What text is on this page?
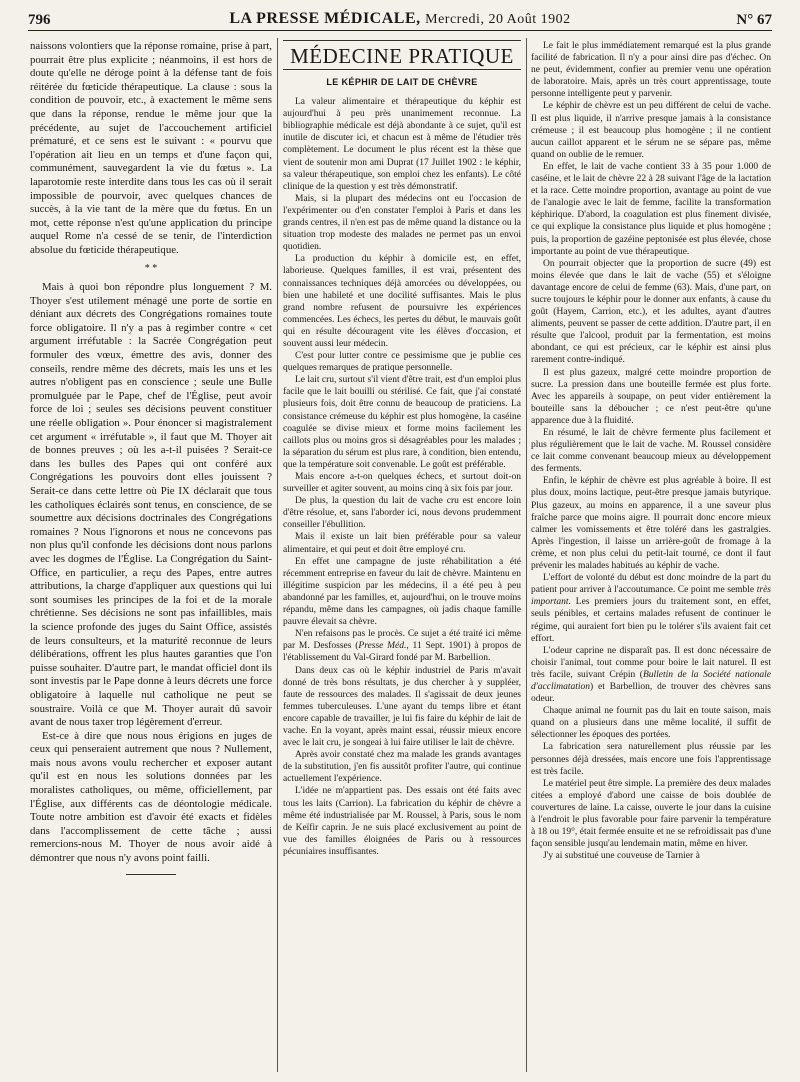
796	LA PRESSE MÉDICALE, Mercredi, 20 Août 1902	N° 67

naissons volontiers que la réponse romaine, prise à part, pourrait être plus explicite ; néanmoins, il est hors de doute qu'elle ne déroge point à la défense tant de fois réitérée du fœticide thérapeutique. La clause : sous la condition de pouvoir, etc., à exactement le même sens que dans la réponse, rendue le même jour que la précédente, au sujet de l'accouchement artificiel prématuré, et ce sens est le suivant : « pourvu que l'opération ait lieu en un temps et d'une façon qui, communément, sauvegardent la vie du fœtus ». La laparotomie reste interdite dans tous les cas où il serait impossible de pourvoir, avec quelques chances de succès, à la vie tant de la mère que du fœtus. En un mot, cette réponse n'est qu'une application du principe auquel Rome n'a cessé de se tenir, de l'interdiction absolue du fœticide thérapeutique.

* *

Mais à quoi bon répondre plus longuement ? M. Thoyer s'est utilement ménagé une porte de sortie en déniant aux décrets des Congrégations romaines toute force obligatoire. Il n'y a pas à regimber contre « cet argument irréfutable : la Sacrée Congrégation peut formuler des vœux, émettre des avis, donner des conseils, rendre même des décrets, mais les uns et les autres n'obligent pas en conscience ; seule une Bulle promulguée par le Pape, chef de l'Église, peut avoir force de loi ; seules ses décisions peuvent constituer une réelle obligation ». Pour énoncer si magistralement cet argument « irréfutable », il faut que M. Thoyer ait de bonnes preuves ; où les a-t-il puisées ? Serait-ce dans les bulles des Papes qui ont conféré aux Congrégations les pouvoirs dont elles jouissent ? Serait-ce dans cette lettre où Pie IX déclarait que tous les catholiques éclairés sont tenus, en conscience, de se soumettre aux décisions doctrinales des Congrégations romaines ? Nous l'ignorons et nous ne concevons pas non plus qu'il confonde les décisions dont nous parlons avec les dogmes de l'Église. La Congrégation du Saint-Office, en particulier, a reçu des Papes, entre autres attributions, la charge d'appliquer aux questions qui lui sont soumises les principes de la foi et de la morale chrétienne. Ses décisions ne sont pas infaillibles, mais la science profonde des juges du Saint Office, assistés de leurs consulteurs, et la maturité reconnue de leurs délibérations, offrent les plus hautes garanties que l'on puisse souhaiter. D'autre part, le mandat officiel dont ils sont investis par le Pape donne à leurs décrets une force obligatoire à laquelle nul catholique ne peut se soustraire. Voilà ce que M. Thoyer aurait dû savoir avant de nous taxer trop légèrement d'erreur.

Est-ce à dire que nous nous érigions en juges de ceux qui penseraient autrement que nous ? Nullement, mais nous avons voulu rechercher et exposer autant qu'il est en nous les solutions données par les moralistes catholiques, ou même, officiellement, par l'Église, aux différents cas de déontologie médicale. Toute notre ambition est d'avoir été exacts et fidèles dans l'accomplissement de cette tâche ; aussi remercions-nous M. Thoyer de nous avoir aidé à démontrer que nous n'y avons point failli.

MÉDECINE PRATIQUE
LE KÉPHIR DE LAIT DE CHÈVRE

La valeur alimentaire et thérapeutique du képhir est aujourd'hui à peu près unanimement reconnue. La bibliographie médicale est déjà abondante à ce sujet, qu'il est inutile de discuter ici, et chacun est à même de l'étudier très complètement. Le document le plus récent est la thèse que vient de soutenir mon ami Duprat (17 Juillet 1902 : le képhir, sa valeur thérapeutique, son emploi chez les enfants). Le côté clinique de la question y est très démonstratif.

Mais, si la plupart des médecins ont eu l'occasion de l'expérimenter ou d'en constater l'emploi à Paris et dans les grands centres, il n'en est pas de même quand la distance ou la situation trop modeste des malades ne permet pas un envoi quotidien.

La production du képhir à domicile est, en effet, laborieuse. Quelques familles, il est vrai, présentent des connaissances techniques déjà amorcées ou développées, ou bien une habileté et une docilité suffisantes. Mais le plus grand nombre refusent de poursuivre les expériences commencées. Les échecs, les pertes du début, le mauvais goût qui en résulte découragent vite les élèves d'occasion, et souvent aussi leur médecin.

C'est pour lutter contre ce pessimisme que je publie ces quelques remarques de pratique personnelle.

Le lait cru, surtout s'il vient d'être trait, est d'un emploi plus facile que le lait bouilli ou stérilisé. Ce fait, que j'ai constaté plusieurs fois, doit être connu de beaucoup de praticiens. La consistance crémeuse du képhir est plus homogène, la caséine coagulée se divise mieux et forme moins facilement les caillots plus ou moins gros si désagréables pour les malades ; la séparation du sérum est plus rare, à condition, bien entendu, que la température soit convenable. Le goût est préférable.

Mais encore a-t-on quelques échecs, et surtout doit-on surveiller et agiter souvent, au moins cinq à six fois par jour.

De plus, la question du lait de vache cru est encore loin d'être résolue, et, sans l'aborder ici, nous devons prudemment conseiller l'ébullition.

Mais il existe un lait bien préférable pour sa valeur alimentaire, et qui peut et doit être employé cru.

En effet une campagne de juste réhabilitation a été récemment entreprise en faveur du lait de chèvre. Maintenu en illégitime suspicion par les médecins, il a été peu à peu abandonné par les familles, et, aujourd'hui, on le trouve moins répandu, même dans les campagnes, où jadis chaque famille pauvre élevait sa chèvre.

N'en refaisons pas le procès. Ce sujet a été traité ici même par M. Desfosses (Presse Méd., 11 Sept. 1901) à propos de l'établissement du Val-Girard fondé par M. Barbellion.

Dans deux cas où le képhir industriel de Paris m'avait donné de très bons résultats, je dus chercher à y suppléer, faute de ressources des malades. Il s'agissait de deux jeunes femmes tuberculeuses. L'une ayant du temps libre et étant encore capable de travailler, je lui fis faire du képhir de lait de vache. En la voyant, après maint essai, réussir mieux encore avec le lait cru, je songeai à lui faire utiliser le lait de chèvre.

Après avoir constaté chez ma malade les grands avantages de la substitution, j'en fis aussitôt profiter l'autre, qui continue actuellement l'expérience.

L'idée ne m'appartient pas. Des essais ont été faits avec tous les laits (Carrion). La fabrication du képhir de chèvre a même été industrialisée par M. Roussel, à Paris, sous le nom de Keïfir caprin. Je ne suis placé exclusivement au point de vue des familles éloignées de Paris ou à ressources pécuniaires insuffisantes.

Le fait le plus immédiatement remarqué est la plus grande facilité de fabrication. Il n'y a pour ainsi dire pas d'échec. On ne peut, évidemment, confier au premier venu une opération de laboratoire. Mais, après un très court apprentissage, toute personne intelligente peut y parvenir.

Le képhir de chèvre est un peu différent de celui de vache. Il est plus liquide, il n'arrive presque jamais à la consistance crémeuse ; il est beaucoup plus homogène ; il ne contient aucun caillot apparent et le sérum ne se sépare pas, même quand on oublie de le remuer.

En effet, le lait de vache contient 33 à 35 pour 1.000 de caséine, et le lait de chèvre 22 à 28 suivant l'âge de la lactation et la race. Cette moindre proportion, avantage au point de vue de l'analogie avec le lait de femme, facilite la transformation képhirique. D'abord, la coagulation est plus finement divisée, ce qui explique la consistance plus liquide et plus homogène ; puis, la proportion de gazéine peptonisée est plus élevée, chose importante au point de vue thérapeutique.

On pourrait objecter que la proportion de sucre (49) est moins élevée que dans le lait de vache (55) et s'éloigne davantage encore de celui de femme (63). Mais, d'une part, on sucre toujours le képhir pour le donner aux enfants, à cause du goût (Hayem, Carrion, etc.), et les adultes, ayant d'autres aliments, peuvent se passer de cette addition. D'autre part, il en résulte que l'alcool, produit par la fermentation, est moins abondant, ce qui est précieux, car le képhir est ainsi plus rarement contre-indiqué.

Il est plus gazeux, malgré cette moindre proportion de sucre. La pression dans une bouteille fermée est plus forte. Avec les appareils à soupape, on peut vider entièrement la bouteille sans la déboucher ; ce n'est peut-être qu'une apparence due à la fluidité.

En résumé, le lait de chèvre fermente plus facilement et plus régulièrement que le lait de vache. M. Roussel considère ce lait comme convenant beaucoup mieux au développement des ferments.

Enfin, le képhir de chèvre est plus agréable à boire. Il est plus doux, moins lactique, peut-être presque jamais butyrique. Plus gazeux, au moins en apparence, il a une saveur plus fraîche parce que moins aigre. Il pourrait donc encore mieux calmer les vomissements et être toléré dans les gastralgies. Après l'ingestion, il laisse un arrière-goût de fromage à la crème, et non plus celui du petit-lait tourné, ce dont il faut prévenir les malades habitués au képhir de vache.

L'effort de volonté du début est donc moindre de la part du patient pour arriver à l'accoutumance. Ce point me semble très important. Les premiers jours du traitement sont, en effet, seuls pénibles, et certains malades refusent de continuer le régime, qui auraient fort bien pu le tolérer s'ils avaient fait cet effort.

L'odeur caprine ne disparaît pas. Il est donc nécessaire de choisir l'animal, tout comme pour boire le lait naturel. Il est très facile, suivant Crépin (Bulletin de la Société nationale d'acclimatation) et Barbellion, de trouver des chèvres sans odeur.

Chaque animal ne fournit pas du lait en toute saison, mais quand on a plusieurs dans une même localité, il suffit de sélectionner les époques des portées.

La fabrication sera naturellement plus réussie par les personnes déjà dressées, mais encore une fois l'apprentissage est très facile.

Le matériel peut être simple. La première des deux malades citées a employé d'abord une caisse de bois doublée de couvertures de laine. La caisse, ouverte le jour dans la cuisine à l'endroit le plus favorable pour faire parvenir la température à 18 ou 19°, était fermée ensuite et ne se refroidissait pas d'une façon sensible jusqu'au lendemain matin, même en hiver.

J'y ai substitué une couveuse de Tarnier à
